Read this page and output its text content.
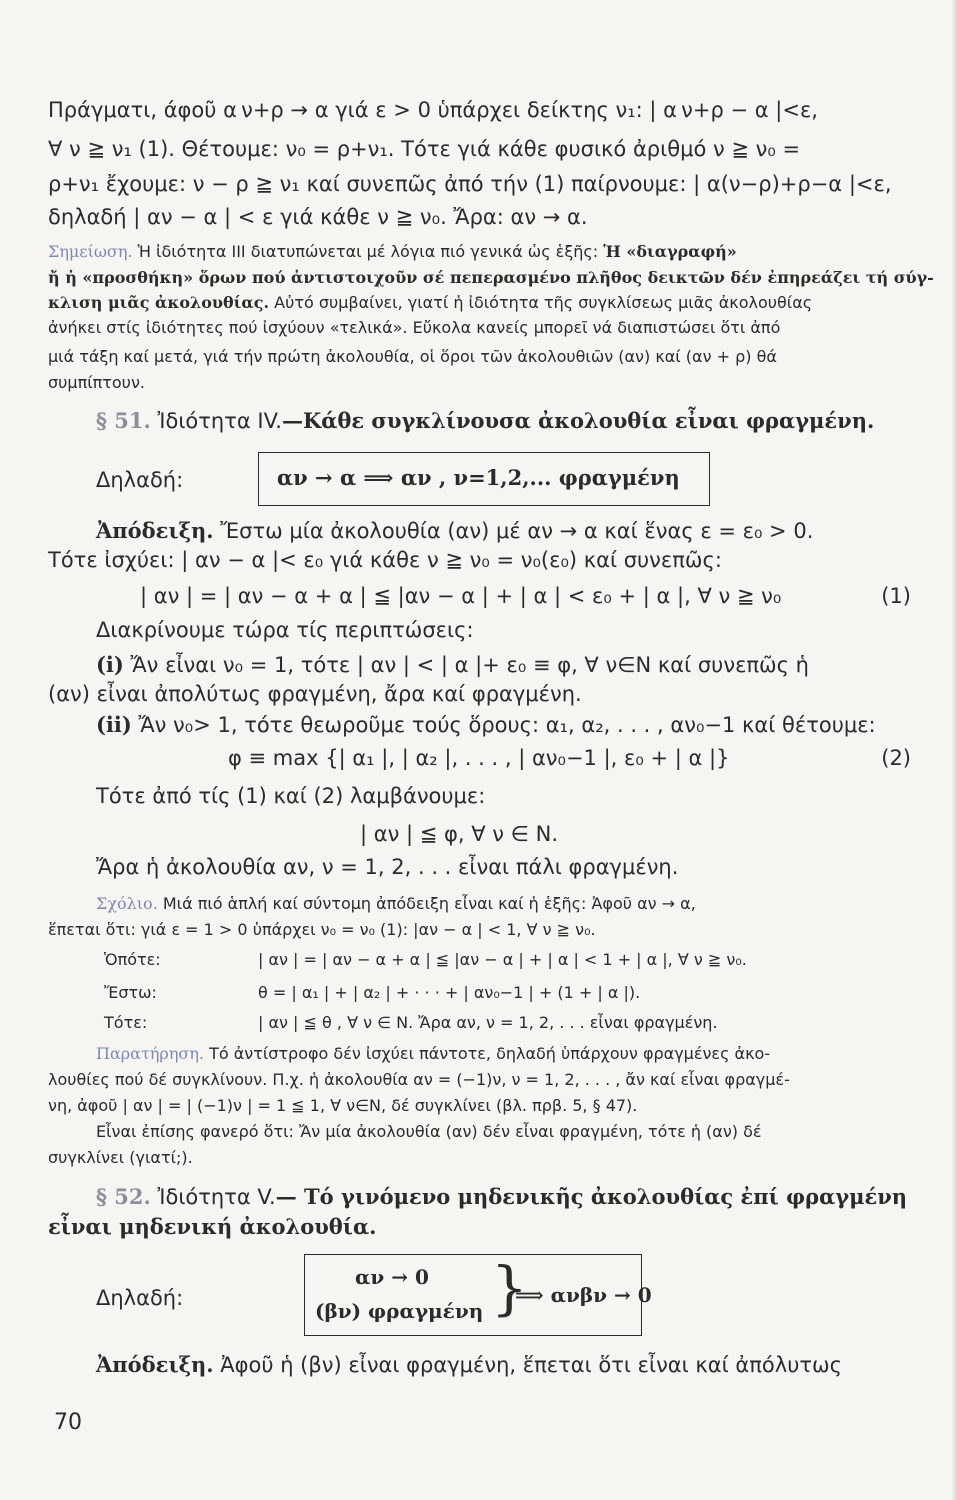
Πράγματι, άφοῦ α ν+ρ → α γιά ε > 0 ὑπάρχει δείκτης ν₁: | α ν+ρ − α |<ε,
∀ ν ≧ ν₁ (1). Θέτουμε: ν₀ = ρ+ν₁. Τότε γιά κάθε φυσικό ἀριθμό ν ≧ ν₀ =
ρ+ν₁ ἔχουμε: ν − ρ ≧ ν₁ καί συνεπῶς ἀπό τήν (1) παίρνουμε: | α(ν−ρ)+ρ−α |<ε,
δηλαδή | αν − α | < ε γιά κάθε ν ≧ ν₀. Ἄρα: αν → α.
Σημείωση. Ἡ ἰδιότητα III διατυπώνεται μέ λόγια πιό γενικά ὡς ἑξῆς: Ἡ «διαγραφή»
ἤ ἡ «προσθήκη» ὅρων πού ἀντιστοιχοῦν σέ πεπερασμένο πλῆθος δεικτῶν δέν ἐπηρεάζει τή σύγ-
κλιση μιᾶς ἀκολουθίας. Αὐτό συμβαίνει, γιατί ἡ ἰδιότητα τῆς συγκλίσεως μιᾶς ἀκολουθίας
ἀνήκει στίς ἰδιότητες πού ἰσχύουν «τελικά». Εὔκολα κανείς μπορεῖ νά διαπιστώσει ὅτι ἀπό
μιά τάξη καί μετά, γιά τήν πρώτη ἀκολουθία, οἱ ὅροι τῶν ἀκολουθιῶν (αν) καί (αν + ρ) θά
συμπίπτουν.
§ 51. Ἰδιότητα IV.—Κάθε συγκλίνουσα ἀκολουθία εἶναι φραγμένη.
Δηλαδή:	αν → α ⟹ αν , ν=1,2,... φραγμένη
Ἀπόδειξη. Ἔστω μία ἀκολουθία (αν) μέ αν → α καί ἕνας ε = ε₀ > 0.
Τότε ἰσχύει: | αν − α |< ε₀ γιά κάθε ν ≧ ν₀ = ν₀(ε₀) καί συνεπῶς:
| αν | = | αν − α + α | ≦ |αν − α | + | α | < ε₀ + | α |, ∀ ν ≧ ν₀	(1)
Διακρίνουμε τώρα τίς περιπτώσεις:
(i) Ἄν εἶναι ν₀ = 1, τότε | αν | < | α |+ ε₀ ≡ φ, ∀ ν∈N καί συνεπῶς ἡ
(αν) εἶναι ἀπολύτως φραγμένη, ἄρα καί φραγμένη.
(ii) Ἄν ν₀> 1, τότε θεωροῦμε τούς ὅρους: α₁, α₂, . . . , αν₀−1 καί θέτουμε:
φ ≡ max {| α₁ |, | α₂ |, . . . , | αν₀−1 |, ε₀ + | α |}	(2)
Τότε ἀπό τίς (1) καί (2) λαμβάνουμε:
| αν | ≦ φ, ∀ ν ∈ N.
Ἄρα ἡ ἀκολουθία αν, ν = 1, 2, . . . εἶναι πάλι φραγμένη.
Σχόλιο. Μιά πιό ἁπλή καί σύντομη ἀπόδειξη εἶναι καί ἡ ἑξῆς: Ἀφοῦ αν → α,
ἕπεται ὅτι: γιά ε = 1 > 0 ὑπάρχει ν₀ = ν₀ (1): |αν − α | < 1, ∀ ν ≧ ν₀.
Ὁπότε:	| αν | = | αν − α + α | ≦ |αν − α | + | α | < 1 + | α |, ∀ ν ≧ ν₀.
Ἔστω:	θ = | α₁ | + | α₂ | + · · · + | αν₀−1 | + (1 + | α |).
Τότε:	| αν | ≦ θ , ∀ ν ∈ N. Ἄρα αν, ν = 1, 2, . . . εἶναι φραγμένη.
Παρατήρηση. Τό ἀντίστροφο δέν ἰσχύει πάντοτε, δηλαδή ὑπάρχουν φραγμένες ἀκο-
λουθίες πού δέ συγκλίνουν. Π.χ. ἡ ἀκολουθία αν = (−1)ν, ν = 1, 2, . . . , ἄν καί εἶναι φραγμέ-
νη, ἀφοῦ | αν | = | (−1)ν | = 1 ≦ 1, ∀ ν∈N, δέ συγκλίνει (βλ. πρβ. 5, § 47).
Εἶναι ἐπίσης φανερό ὅτι: Ἄν μία ἀκολουθία (αν) δέν εἶναι φραγμένη, τότε ἡ (αν) δέ
συγκλίνει (γιατί;).
§ 52. Ἰδιότητα V.— Τό γινόμενο μηδενικῆς ἀκολουθίας ἐπί φραγμένη
εἶναι μηδενική ἀκολουθία.
Δηλαδή:
αν → 0
(βν) φραγμένη }
⟹ ανβν → 0
Ἀπόδειξη. Ἀφοῦ ἡ (βν) εἶναι φραγμένη, ἕπεται ὅτι εἶναι καί ἀπόλυτως
70
